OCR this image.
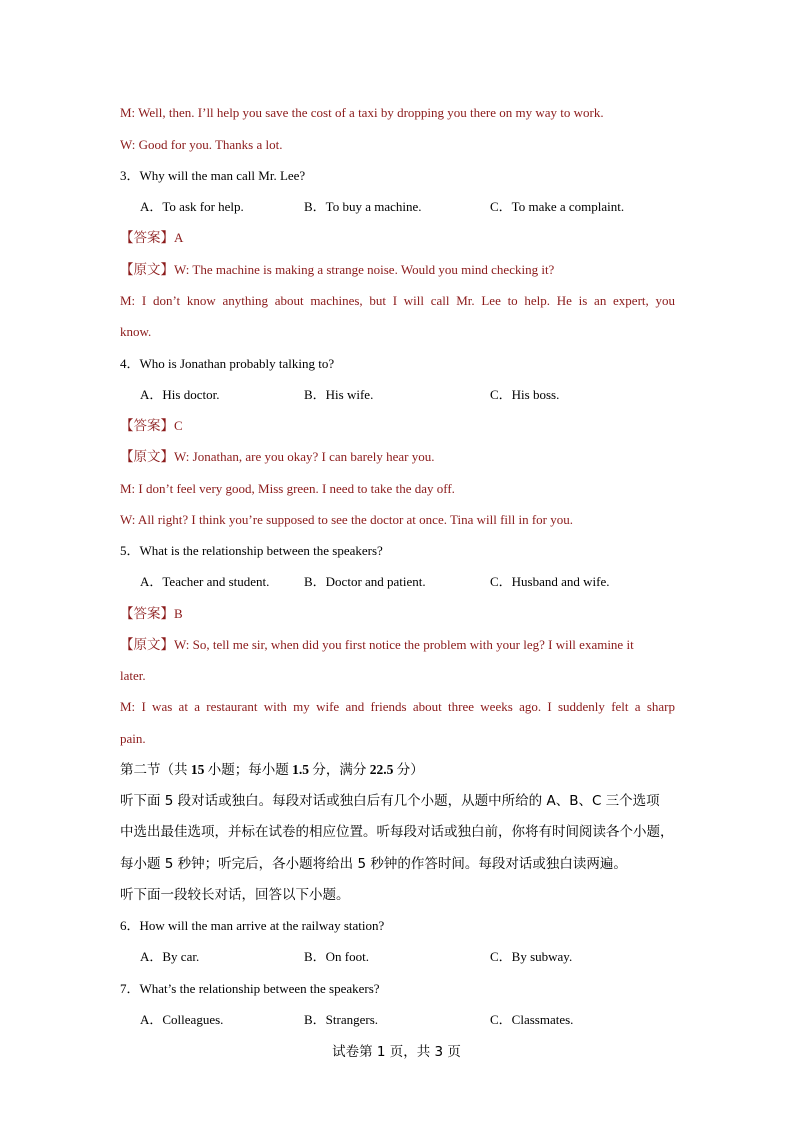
M: Well, then. I’ll help you save the cost of a taxi by dropping you there on my way to work.
W: Good for you. Thanks a lot.
3．Why will the man call Mr. Lee?
A．To ask for help.	B．To buy a machine.	C．To make a complaint.
【答案】A
【原文】W: The machine is making a strange noise. Would you mind checking it?
M: I don’t know anything about machines, but I will call Mr. Lee to help. He is an expert, you
know.
4．Who is Jonathan probably talking to?
A．His doctor.	B．His wife.	C．His boss.
【答案】C
【原文】W: Jonathan, are you okay? I can barely hear you.
M: I don’t feel very good, Miss green. I need to take the day off.
W: All right? I think you’re supposed to see the doctor at once. Tina will fill in for you.
5．What is the relationship between the speakers?
A．Teacher and student.	B．Doctor and patient.	C．Husband and wife.
【答案】B
【原文】W: So, tell me sir, when did you first notice the problem with your leg? I will examine it
later.
M: I was at a restaurant with my wife and friends about three weeks ago. I suddenly felt a sharp
pain.
第二节（共 15 小题；每小题 1.5 分，满分 22.5 分）
听下面 5 段对话或独白。每段对话或独白后有几个小题，从题中所给的 A、B、C 三个选项
中选出最佳选项，并标在试卷的相应位置。听每段对话或独白前，你将有时间阅读各个小题，
每小题 5 秒钟；听完后，各小题将给出 5 秒钟的作答时间。每段对话或独白读两遍。
听下面一段较长对话，回答以下小题。
6．How will the man arrive at the railway station?
A．By car.	B．On foot.	C．By subway.
7．What’s the relationship between the speakers?
A．Colleagues.	B．Strangers.	C．Classmates.
试卷第 1 页，共 3 页
